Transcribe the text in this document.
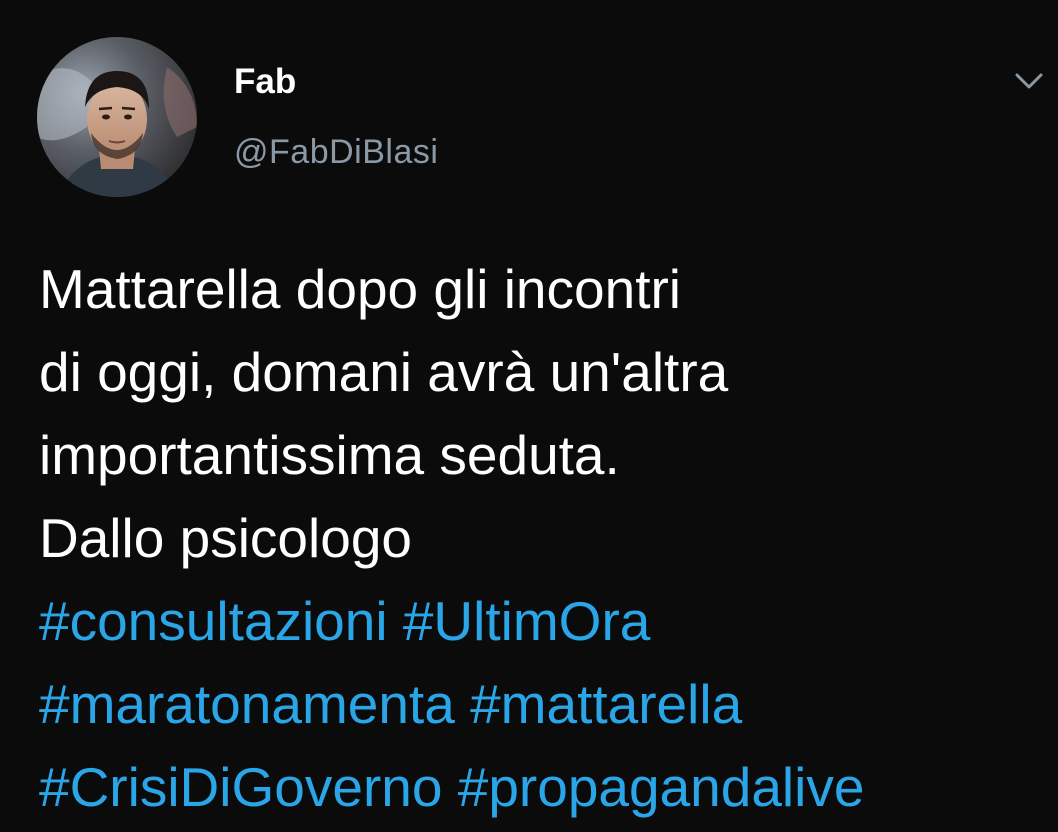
Fab
@FabDiBlasi
Mattarella dopo gli incontri
di oggi, domani avrà un'altra
importantissima seduta.
Dallo psicologo
#consultazioni #UltimOra
#maratonamenta #mattarella
#CrisiDiGoverno #propagandalive
